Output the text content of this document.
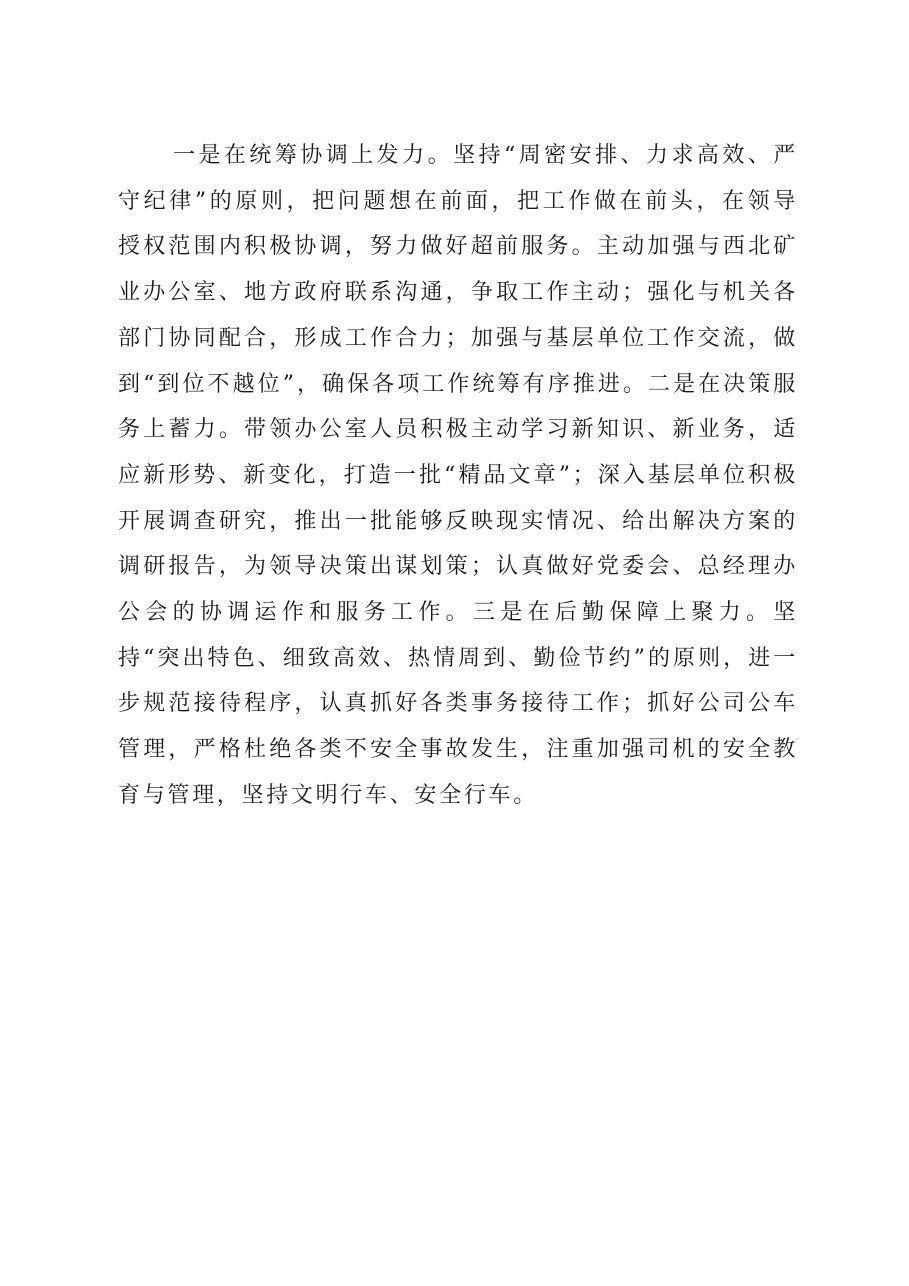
一是在统筹协调上发力。坚持“周密安排、力求高效、严守纪律”的原则，把问题想在前面，把工作做在前头，在领导授权范围内积极协调，努力做好超前服务。主动加强与西北矿业办公室、地方政府联系沟通，争取工作主动；强化与机关各部门协同配合，形成工作合力；加强与基层单位工作交流，做到“到位不越位”，确保各项工作统筹有序推进。二是在决策服务上蓄力。带领办公室人员积极主动学习新知识、新业务，适应新形势、新变化，打造一批“精品文章”；深入基层单位积极开展调查研究，推出一批能够反映现实情况、给出解决方案的调研报告，为领导决策出谋划策；认真做好党委会、总经理办公会的协调运作和服务工作。三是在后勤保障上聚力。坚持“突出特色、细致高效、热情周到、勤俭节约”的原则，进一步规范接待程序，认真抓好各类事务接待工作；抓好公司公车管理，严格杜绝各类不安全事故发生，注重加强司机的安全教育与管理，坚持文明行车、安全行车。
